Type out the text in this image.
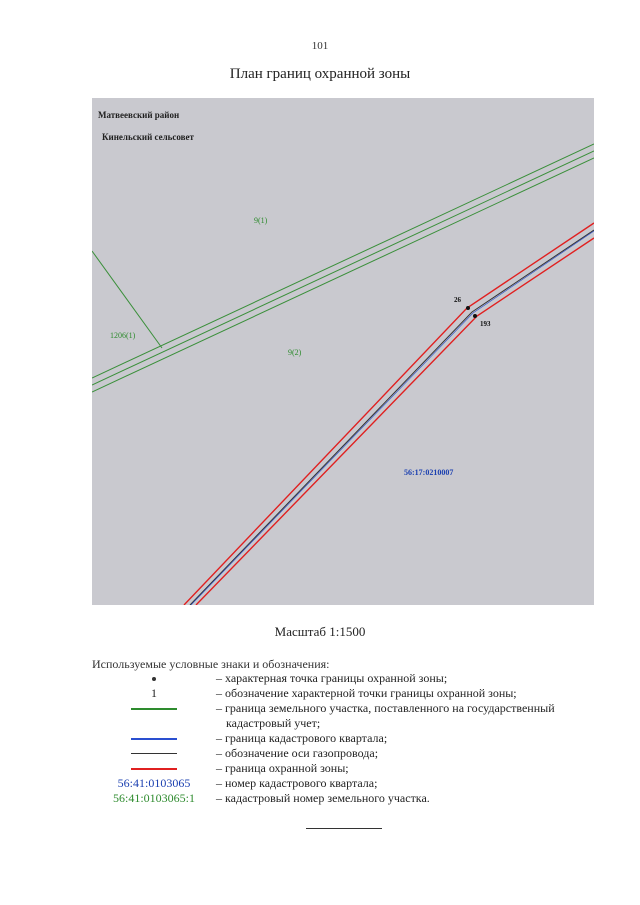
101
План границ охранной зоны
Матвеевский район
Кинельский сельсовет
9(1)
9(2)
1206(1)
26
193
56:17:0210007
Масштаб 1:1500
Используемые условные знаки и обозначения:
– характерная точка границы охранной зоны;
1	– обозначение характерной точки границы охранной зоны;
– граница земельного участка, поставленного на государственный
кадастровый учет;
– граница кадастрового квартала;
– обозначение оси газопровода;
– граница охранной зоны;
56:41:0103065	– номер кадастрового квартала;
56:41:0103065:1	– кадастровый номер земельного участка.
